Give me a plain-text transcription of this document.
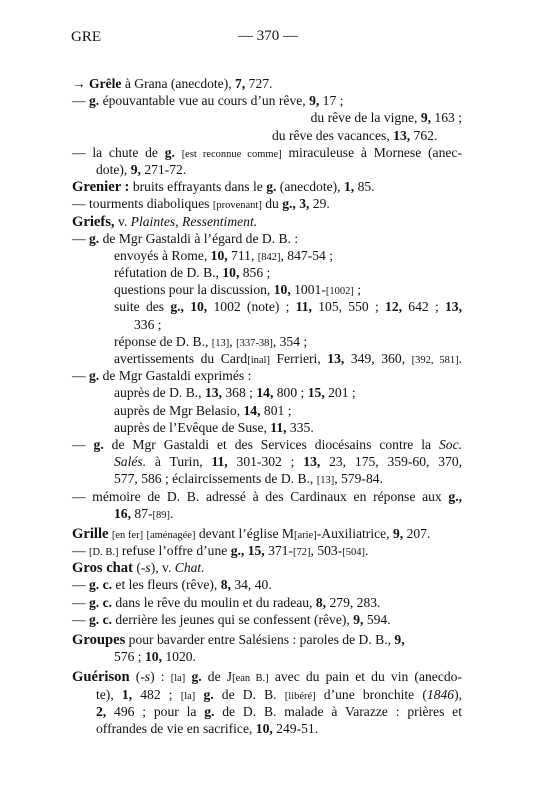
GRE	— 370 —
→ Grêle à Grana (anecdote), 7, 727.
— g. épouvantable vue au cours d’un rêve, 9, 17 ;
du rêve de la vigne, 9, 163 ;
du rêve des vacances, 13, 762.
— la chute de g. [est reconnue comme] miraculeuse à Mornese (anec-
dote), 9, 271-72.
Grenier : bruits effrayants dans le g. (anecdote), 1, 85.
— tourments diaboliques [provenant] du g., 3, 29.
Griefs, v. Plaintes, Ressentiment.
— g. de Mgr Gastaldi à l’égard de D. B. :
envoyés à Rome, 10, 711, [842], 847-54 ;
réfutation de D. B., 10, 856 ;
questions pour la discussion, 10, 1001-[1002] ;
suite des g., 10, 1002 (note) ; 11, 105, 550 ; 12, 642 ; 13,
336 ;
réponse de D. B., [13], [337-38], 354 ;
avertissements du Card[inal] Ferrieri, 13, 349, 360, [392, 581].
— g. de Mgr Gastaldi exprimés :
auprès de D. B., 13, 368 ; 14, 800 ; 15, 201 ;
auprès de Mgr Belasio, 14, 801 ;
auprès de l’Evêque de Suse, 11, 335.
— g. de Mgr Gastaldi et des Services diocésains contre la Soc.
Salés. à Turin, 11, 301-302 ; 13, 23, 175, 359-60, 370,
577, 586 ; éclaircissements de D. B., [13], 579-84.
— mémoire de D. B. adressé à des Cardinaux en réponse aux g.,
16, 87-[89].
Grille [en fer] [aménagée] devant l’église M[arie]-Auxiliatrice, 9, 207.
— [D. B.] refuse l’offre d’une g., 15, 371-[72], 503-[504].
Gros chat (-s), v. Chat.
— g. c. et les fleurs (rêve), 8, 34, 40.
— g. c. dans le rêve du moulin et du radeau, 8, 279, 283.
— g. c. derrière les jeunes qui se confessent (rêve), 9, 594.
Groupes pour bavarder entre Salésiens : paroles de D. B., 9,
576 ; 10, 1020.
Guérison (-s) : [la] g. de J[ean B.] avec du pain et du vin (anecdo-
te), 1, 482 ; [la] g. de D. B. [libéré] d’une bronchite (1846),
2, 496 ; pour la g. de D. B. malade à Varazze : prières et
offrandes de vie en sacrifice, 10, 249-51.
